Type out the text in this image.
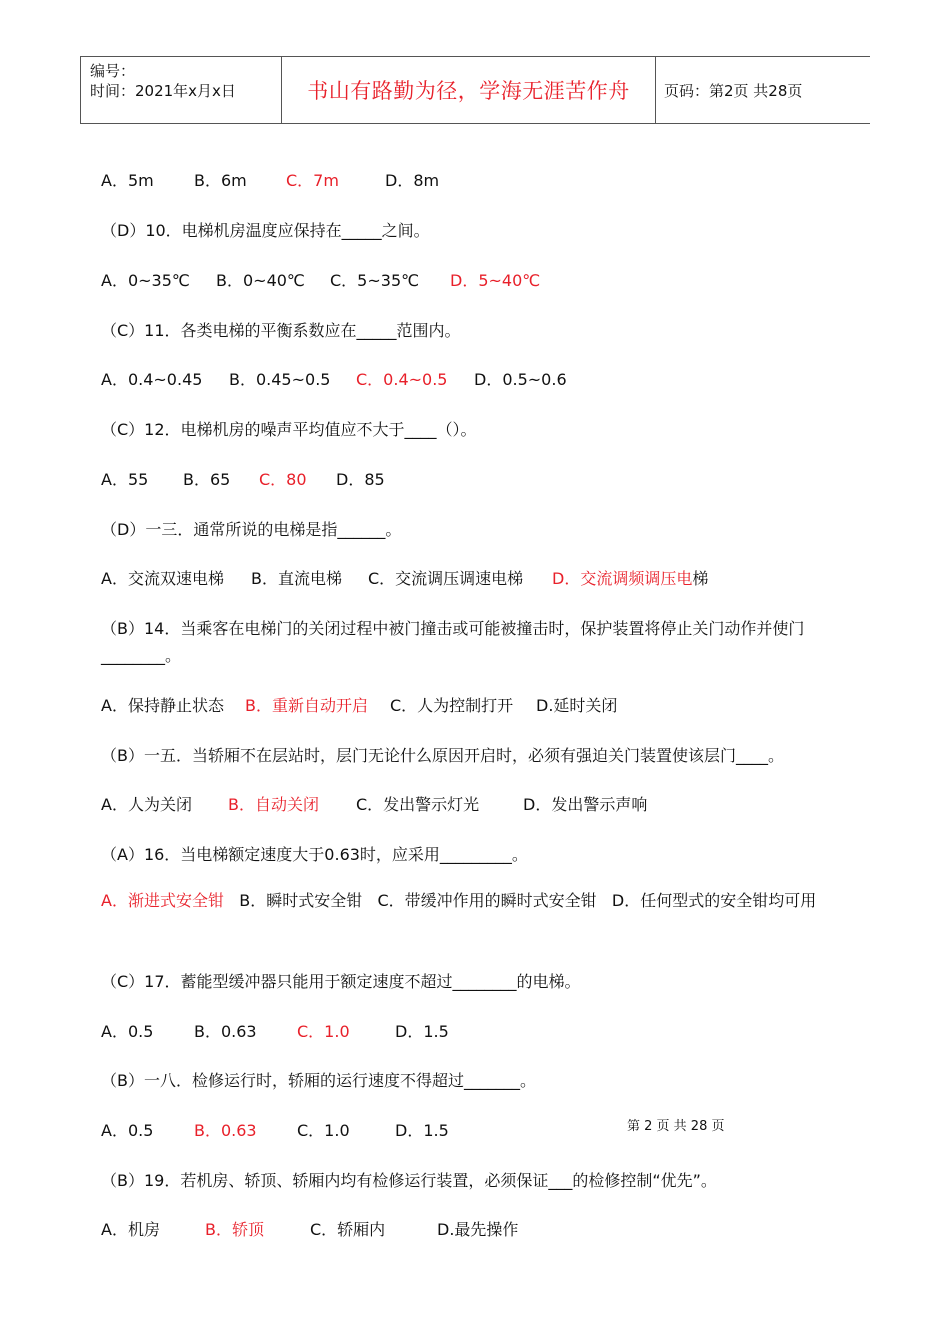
编号：
时间：2021年x月x日	书山有路勤为径，学海无涯苦作舟 页码：第2页 共28页
A．5m	B．6m C．7m	D．8m
（D）10．电梯机房温度应保持在_____之间。
A．0~35℃ B．0~40℃ C．5~35℃ D．5~40℃
（C）11．各类电梯的平衡系数应在_____范围内。
A．0.4~0.45 B．0.45~0.5 C．0.4~0.5 D．0.5~0.6
（C）12．电梯机房的噪声平均值应不大于____（）。
A．55 B．65 C．80 D．85
（D）一三．通常所说的电梯是指______。
A．交流双速电梯 B．直流电梯 C．交流调压调速电梯 D．交流调频调压电梯
（B）14．当乘客在电梯门的关闭过程中被门撞击或可能被撞击时，保护装置将停止关门动作并使门________。
A．保持静止状态 B．重新自动开启 C．人为控制打开 D.延时关闭
（B）一五．当轿厢不在层站时，层门无论什么原因开启时，必须有强迫关门装置使该层门____。
A．人为关闭 B．自动关闭 C．发出警示灯光	D．发出警示声响
（A）16．当电梯额定速度大于0.63时，应采用_________。
A．渐进式安全钳 B．瞬时式安全钳 C．带缓冲作用的瞬时式安全钳 D．任何型式的安全钳均可用
（C）17．蓄能型缓冲器只能用于额定速度不超过________的电梯。
A．0.5	B．0.63	C．1.0	D．1.5
（B）一八．检修运行时，轿厢的运行速度不得超过_______。
A．0.5	B．0.63	C．1.0	D．1.5	第 2 页 共 28 页
（B）19．若机房、轿顶、轿厢内均有检修运行装置，必须保证___的检修控制“优先”。
A．机房	B．轿顶	C．轿厢内	D.最先操作
